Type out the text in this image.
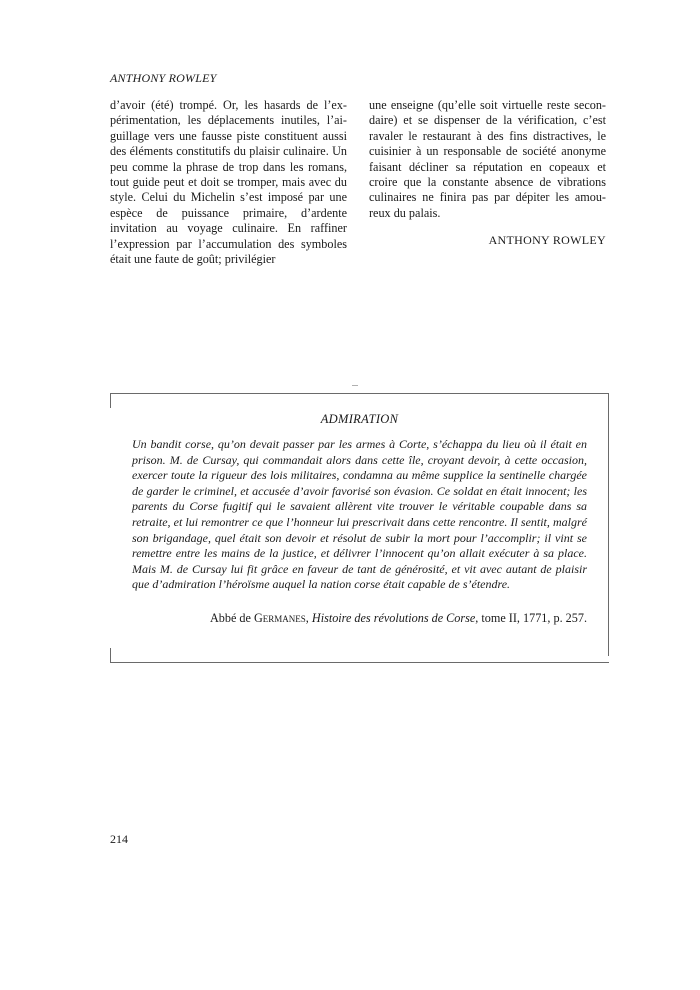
ANTHONY ROWLEY

d’avoir (été) trompé. Or, les hasards de l’ex-périmentation, les déplacements inutiles, l’ai-guillage vers une fausse piste constituent aussi des éléments constitutifs du plaisir culinaire. Un peu comme la phrase de trop dans les romans, tout guide peut et doit se tromper, mais avec du style. Celui du Michelin s’est imposé par une espèce de puissance primaire, d’ardente invitation au voyage culinaire. En raffiner l’expression par l’accumulation des symboles était une faute de goût; privilégier

une enseigne (qu’elle soit virtuelle reste secon-daire) et se dispenser de la vérification, c’est ravaler le restaurant à des fins distractives, le cuisinier à un responsable de société anonyme faisant décliner sa réputation en copeaux et croire que la constante absence de vibrations culinaires ne finira pas par dépiter les amou-reux du palais.

ANTHONY ROWLEY
ADMIRATION

Un bandit corse, qu’on devait passer par les armes à Corte, s’échappa du lieu où il était en prison. M. de Cursay, qui commandait alors dans cette île, croyant devoir, à cette occasion, exercer toute la rigueur des lois militaires, condamna au même supplice la sentinelle chargée de garder le criminel, et accusée d’avoir favorisé son évasion. Ce soldat en était innocent; les parents du Corse fugitif qui le savaient allèrent vite trouver le véritable coupable dans sa retraite, et lui remontrer ce que l’honneur lui prescrivait dans cette rencontre. Il sentit, malgré son brigandage, quel était son devoir et résolut de subir la mort pour l’accomplir; il vint se remettre entre les mains de la justice, et délivrer l’innocent qu’on allait exécuter à sa place. Mais M. de Cursay lui fit grâce en faveur de tant de générosité, et vit avec autant de plaisir que d’admiration l’héroïsme auquel la nation corse était capable de s’étendre.

Abbé de Germanes, Histoire des révolutions de Corse, tome II, 1771, p. 257.

214
